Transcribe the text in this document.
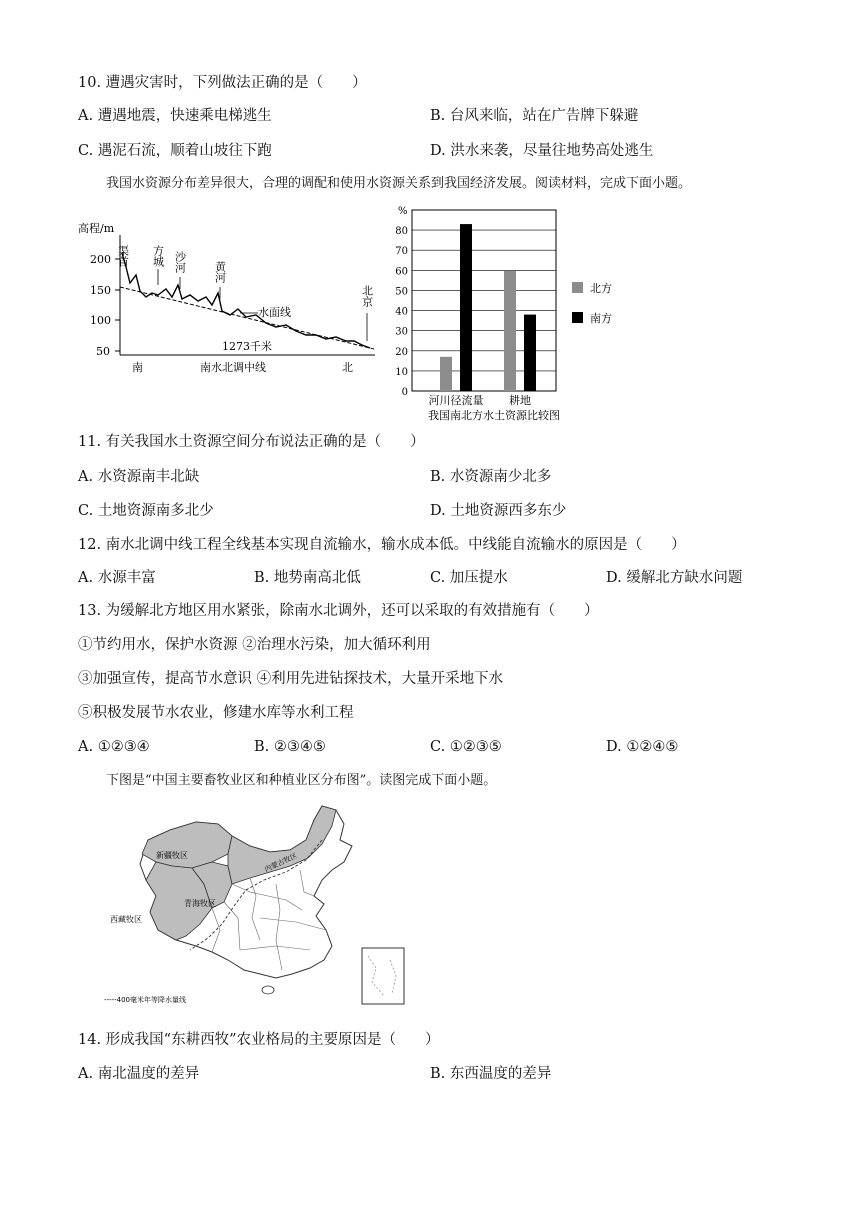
10. 遭遇灾害时，下列做法正确的是（　　）
A. 遭遇地震，快速乘电梯逃生	B. 台风来临，站在广告牌下躲避
C. 遇泥石流，顺着山坡往下跑	D. 洪水来袭，尽量往地势高处逃生
我国水资源分布差异很大，合理的调配和使用水资源关系到我国经济发展。阅读材料，完成下面小题。
高程/m
200
150
100
50
水面线
渠首 方城 沙河 黄河
北京
1273千米
南	南水北调中线	北
0
10
20
30
40
50
60
70
80
%
河川径流量 耕地
我国南北方水土资源比较图
北方
南方
11. 有关我国水土资源空间分布说法正确的是（　　）
A. 水资源南丰北缺	B. 水资源南少北多
C. 土地资源南多北少	D. 土地资源西多东少
12. 南水北调中线工程全线基本实现自流输水，输水成本低。中线能自流输水的原因是（　　）
A. 水源丰富	B. 地势南高北低	C. 加压提水	D. 缓解北方缺水问题
13. 为缓解北方地区用水紧张，除南水北调外，还可以采取的有效措施有（　　）
①节约用水，保护水资源 ②治理水污染，加大循环利用
③加强宣传，提高节水意识 ④利用先进钻探技术，大量开采地下水
⑤积极发展节水农业，修建水库等水利工程
A. ①②③④	B. ②③④⑤	C. ①②③⑤	D. ①②④⑤
下图是“中国主要畜牧业区和种植业区分布图”。读图完成下面小题。
新疆牧区	内蒙古牧区
青海牧区
西藏牧区
-----400毫米年等降水量线
14. 形成我国“东耕西牧”农业格局的主要原因是（　　）
A. 南北温度的差异	B. 东西温度的差异
